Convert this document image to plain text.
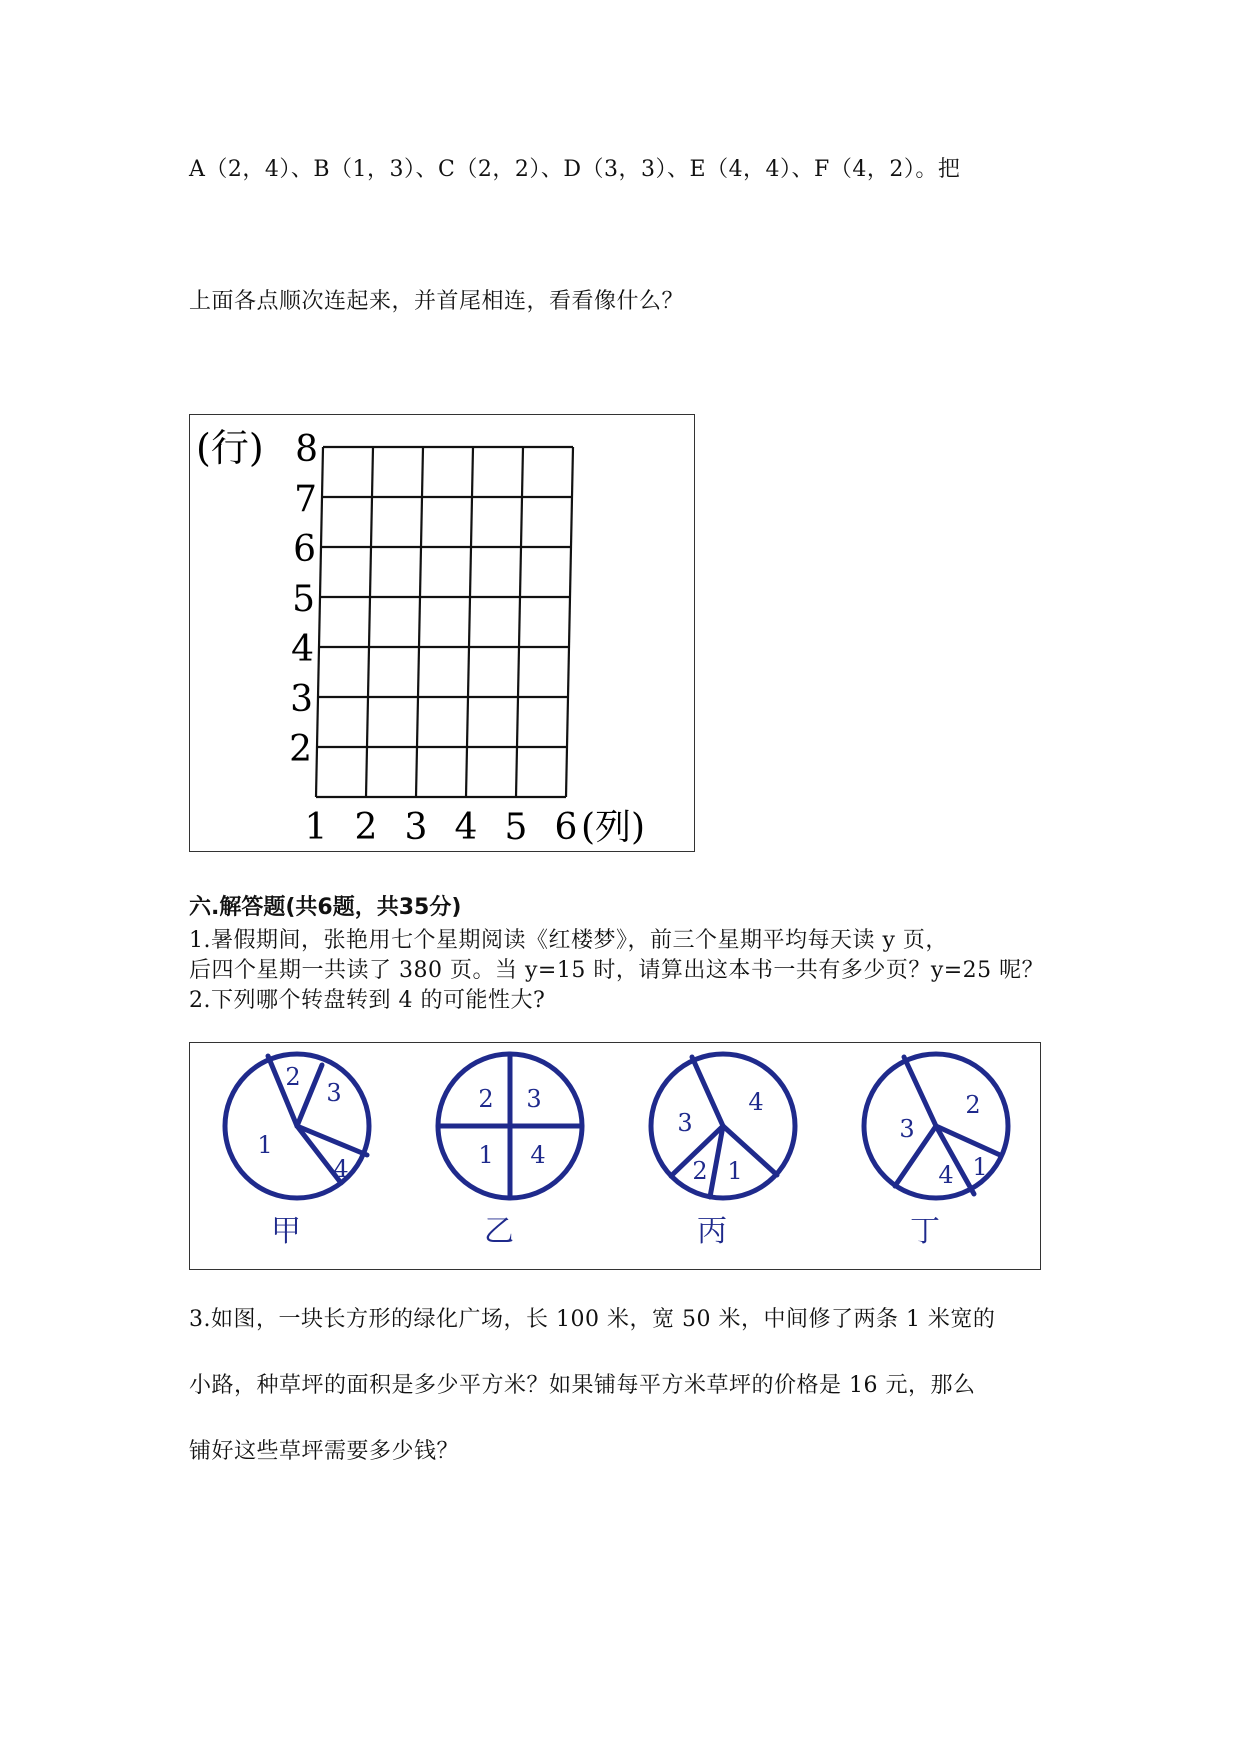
A（2，4）、B（1，3）、C（2，2）、D（3，3）、E（4，4）、F（4，2）。把
上面各点顺次连起来，并首尾相连，看看像什么？
(行) 8
7
6
5
4
3
2
1 2 3 4 5 6 (列)
六.解答题(共6题，共35分)
1.暑假期间，张艳用七个星期阅读《红楼梦》，前三个星期平均每天读 y 页，
后四个星期一共读了 380 页。当 y=15 时，请算出这本书一共有多少页？y=25 呢？
2.下列哪个转盘转到 4 的可能性大?
2
3
1
4
2 3
1 4
3
4
2 1
3
2
4 1
甲	乙	丙	丁
3.如图，一块长方形的绿化广场，长 100 米，宽 50 米，中间修了两条 1 米宽的
小路，种草坪的面积是多少平方米？如果铺每平方米草坪的价格是 16 元，那么
铺好这些草坪需要多少钱？
